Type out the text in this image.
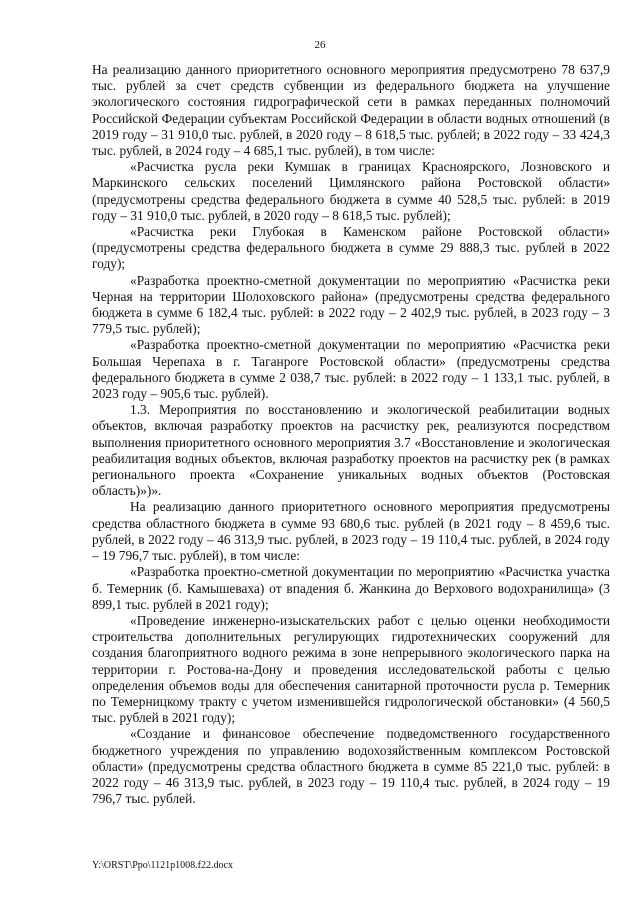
26

На реализацию данного приоритетного основного мероприятия предусмотрено 78 637,9 тыс. рублей за счет средств субвенции из федерального бюджета на улучшение экологического состояния гидрографической сети в рамках переданных полномочий Российской Федерации субъектам Российской Федерации в области водных отношений (в 2019 году – 31 910,0 тыс. рублей, в 2020 году – 8 618,5 тыс. рублей; в 2022 году – 33 424,3 тыс. рублей, в 2024 году – 4 685,1 тыс. рублей), в том числе:

«Расчистка русла реки Кумшак в границах Красноярского, Лозновского и Маркинского сельских поселений Цимлянского района Ростовской области» (предусмотрены средства федерального бюджета в сумме 40 528,5 тыс. рублей: в 2019 году – 31 910,0 тыс. рублей, в 2020 году – 8 618,5 тыс. рублей);

«Расчистка реки Глубокая в Каменском районе Ростовской области» (предусмотрены средства федерального бюджета в сумме 29 888,3 тыс. рублей в 2022 году);

«Разработка проектно-сметной документации по мероприятию «Расчистка реки Черная на территории Шолоховского района» (предусмотрены средства федерального бюджета в сумме 6 182,4 тыс. рублей: в 2022 году – 2 402,9 тыс. рублей, в 2023 году – 3 779,5 тыс. рублей);

«Разработка проектно-сметной документации по мероприятию «Расчистка реки Большая Черепаха в г. Таганроге Ростовской области» (предусмотрены средства федерального бюджета в сумме 2 038,7 тыс. рублей: в 2022 году – 1 133,1 тыс. рублей, в 2023 году – 905,6 тыс. рублей).

1.3. Мероприятия по восстановлению и экологической реабилитации водных объектов, включая разработку проектов на расчистку рек, реализуются посредством выполнения приоритетного основного мероприятия 3.7 «Восстановление и экологическая реабилитация водных объектов, включая разработку проектов на расчистку рек (в рамках регионального проекта «Сохранение уникальных водных объектов (Ростовская область)»)».

На реализацию данного приоритетного основного мероприятия предусмотрены средства областного бюджета в сумме 93 680,6 тыс. рублей (в 2021 году – 8 459,6 тыс. рублей, в 2022 году – 46 313,9 тыс. рублей, в 2023 году – 19 110,4 тыс. рублей, в 2024 году – 19 796,7 тыс. рублей), в том числе:

«Разработка проектно-сметной документации по мероприятию «Расчистка участка б. Темерник (б. Камышеваха) от впадения б. Жанкина до Верхового водохранилища» (3 899,1 тыс. рублей в 2021 году);

«Проведение инженерно-изыскательских работ с целью оценки необходимости строительства дополнительных регулирующих гидротехнических сооружений для создания благоприятного водного режима в зоне непрерывного экологического парка на территории г. Ростова-на-Дону и проведения исследовательской работы с целью определения объемов воды для обеспечения санитарной проточности русла р. Темерник по Темерницкому тракту с учетом изменившейся гидрологической обстановки» (4 560,5 тыс. рублей в 2021 году);

«Создание и финансовое обеспечение подведомственного государственного бюджетного учреждения по управлению водохозяйственным комплексом Ростовской области» (предусмотрены средства областного бюджета в сумме 85 221,0 тыс. рублей: в 2022 году – 46 313,9 тыс. рублей, в 2023 году – 19 110,4 тыс. рублей, в 2024 году – 19 796,7 тыс. рублей.

Y:\ORST\Ppo\1121p1008.f22.docx
